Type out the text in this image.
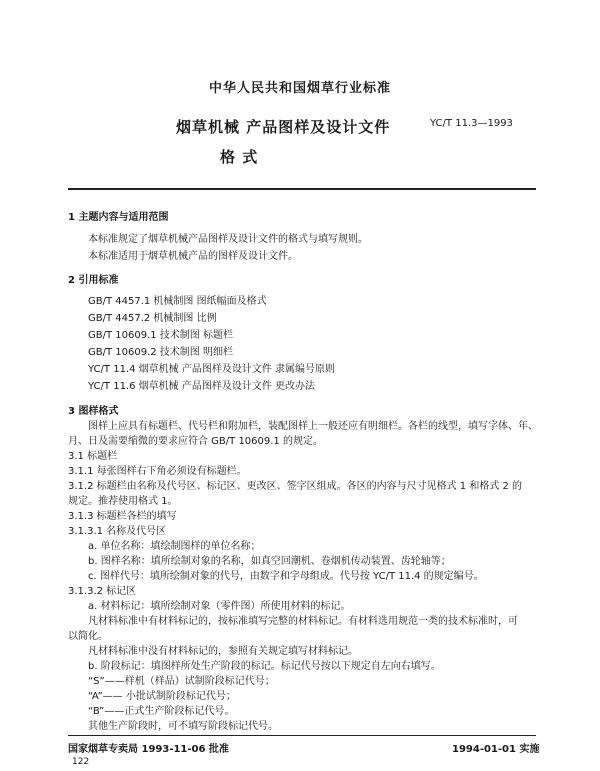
中华人民共和国烟草行业标准
烟草机械 产品图样及设计文件	YC/T 11.3—1993
格 式
1 主题内容与适用范围
本标准规定了烟草机械产品图样及设计文件的格式与填写规则。
本标准适用于烟草机械产品的图样及设计文件。
2 引用标准
GB/T 4457.1 机械制图 图纸幅面及格式
GB/T 4457.2 机械制图 比例
GB/T 10609.1 技术制图 标题栏
GB/T 10609.2 技术制图 明细栏
YC/T 11.4 烟草机械 产品图样及设计文件 隶属编号原则
YC/T 11.6 烟草机械 产品图样及设计文件 更改办法
3 图样格式
图样上应具有标题栏、代号栏和附加栏，装配图样上一般还应有明细栏。各栏的线型，填写字体、年、
月、日及需要缩微的要求应符合 GB/T 10609.1 的规定。
3.1 标题栏
3.1.1 每张图样右下角必须设有标题栏。
3.1.2 标题栏由名称及代号区、标记区、更改区、签字区组成。各区的内容与尺寸见格式 1 和格式 2 的
规定。推荐使用格式 1。
3.1.3 标题栏各栏的填写
3.1.3.1 名称及代号区
a. 单位名称：填绘制图样的单位名称；
b. 图样名称：填所绘制对象的名称，如真空回潮机、卷烟机传动装置、齿轮轴等；
c. 图样代号：填所绘制对象的代号，由数字和字母组成。代号按 YC/T 11.4 的规定编号。
3.1.3.2 标记区
a. 材料标记：填所绘制对象（零件图）所使用材料的标记。
凡材料标准中有材料标记的，按标准填写完整的材料标记。有材料选用规范一类的技术标准时，可
以简化。
凡材料标准中没有材料标记的，参照有关规定填写材料标记。
b. 阶段标记：填图样所处生产阶段的标记。标记代号按以下规定自左向右填写。
“S”——样机（样品）试制阶段标记代号；
“A”—— 小批试制阶段标记代号；
“B”——正式生产阶段标记代号。
其他生产阶段时，可不填写阶段标记代号。
国家烟草专卖局 1993-11-06 批准	1994-01-01 实施
122
